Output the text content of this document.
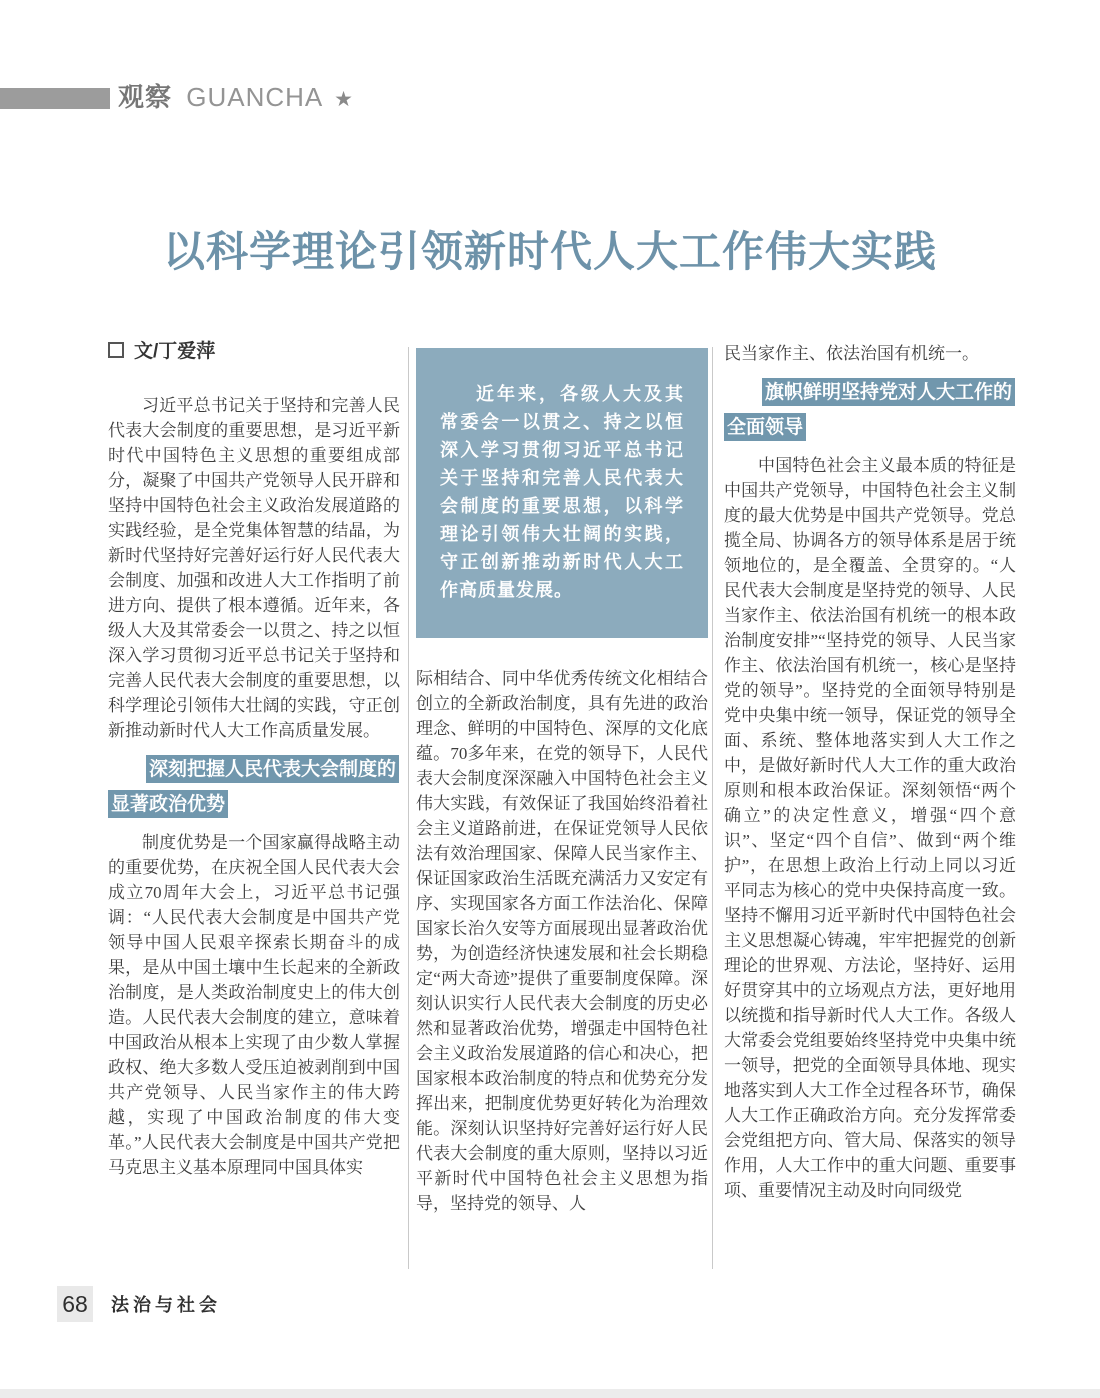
观察 GUANCHA ★
以科学理论引领新时代人大工作伟大实践

文/丁爱萍

习近平总书记关于坚持和完善人民代表大会制度的重要思想，是习近平新时代中国特色主义思想的重要组成部分，凝聚了中国共产党领导人民开辟和坚持中国特色社会主义政治发展道路的实践经验，是全党集体智慧的结晶，为新时代坚持好完善好运行好人民代表大会制度、加强和改进人大工作指明了前进方向、提供了根本遵循。近年来，各级人大及其常委会一以贯之、持之以恒深入学习贯彻习近平总书记关于坚持和完善人民代表大会制度的重要思想，以科学理论引领伟大壮阔的实践，守正创新推动新时代人大工作高质量发展。

深刻把握人民代表大会制度的显著政治优势

制度优势是一个国家赢得战略主动的重要优势，在庆祝全国人民代表大会成立70周年大会上，习近平总书记强调：“人民代表大会制度是中国共产党领导中国人民艰辛探索长期奋斗的成果，是从中国土壤中生长起来的全新政治制度，是人类政治制度史上的伟大创造。人民代表大会制度的建立，意味着中国政治从根本上实现了由少数人掌握政权、绝大多数人受压迫被剥削到中国共产党领导、人民当家作主的伟大跨越，实现了中国政治制度的伟大变革。”人民代表大会制度是中国共产党把马克思主义基本原理同中国具体实

近年来，各级人大及其常委会一以贯之、持之以恒深入学习贯彻习近平总书记关于坚持和完善人民代表大会制度的重要思想，以科学理论引领伟大壮阔的实践，守正创新推动新时代人大工作高质量发展。

际相结合、同中华优秀传统文化相结合创立的全新政治制度，具有先进的政治理念、鲜明的中国特色、深厚的文化底蕴。70多年来，在党的领导下，人民代表大会制度深深融入中国特色社会主义伟大实践，有效保证了我国始终沿着社会主义道路前进，在保证党领导人民依法有效治理国家、保障人民当家作主、保证国家政治生活既充满活力又安定有序、实现国家各方面工作法治化、保障国家长治久安等方面展现出显著政治优势，为创造经济快速发展和社会长期稳定“两大奇迹”提供了重要制度保障。深刻认识实行人民代表大会制度的历史必然和显著政治优势，增强走中国特色社会主义政治发展道路的信心和决心，把国家根本政治制度的特点和优势充分发挥出来，把制度优势更好转化为治理效能。深刻认识坚持好完善好运行好人民代表大会制度的重大原则，坚持以习近平新时代中国特色社会主义思想为指导，坚持党的领导、人

民当家作主、依法治国有机统一。

旗帜鲜明坚持党对人大工作的全面领导

中国特色社会主义最本质的特征是中国共产党领导，中国特色社会主义制度的最大优势是中国共产党领导。党总揽全局、协调各方的领导体系是居于统领地位的，是全覆盖、全贯穿的。“人民代表大会制度是坚持党的领导、人民当家作主、依法治国有机统一的根本政治制度安排”“坚持党的领导、人民当家作主、依法治国有机统一，核心是坚持党的领导”。坚持党的全面领导特别是党中央集中统一领导，保证党的领导全面、系统、整体地落实到人大工作之中，是做好新时代人大工作的重大政治原则和根本政治保证。深刻领悟“两个确立”的决定性意义，增强“四个意识”、坚定“四个自信”、做到“两个维护”，在思想上政治上行动上同以习近平同志为核心的党中央保持高度一致。坚持不懈用习近平新时代中国特色社会主义思想凝心铸魂，牢牢把握党的创新理论的世界观、方法论，坚持好、运用好贯穿其中的立场观点方法，更好地用以统揽和指导新时代人大工作。各级人大常委会党组要始终坚持党中央集中统一领导，把党的全面领导具体地、现实地落实到人大工作全过程各环节，确保人大工作正确政治方向。充分发挥常委会党组把方向、管大局、保落实的领导作用，人大工作中的重大问题、重要事项、重要情况主动及时向同级党

68 法治与社会
